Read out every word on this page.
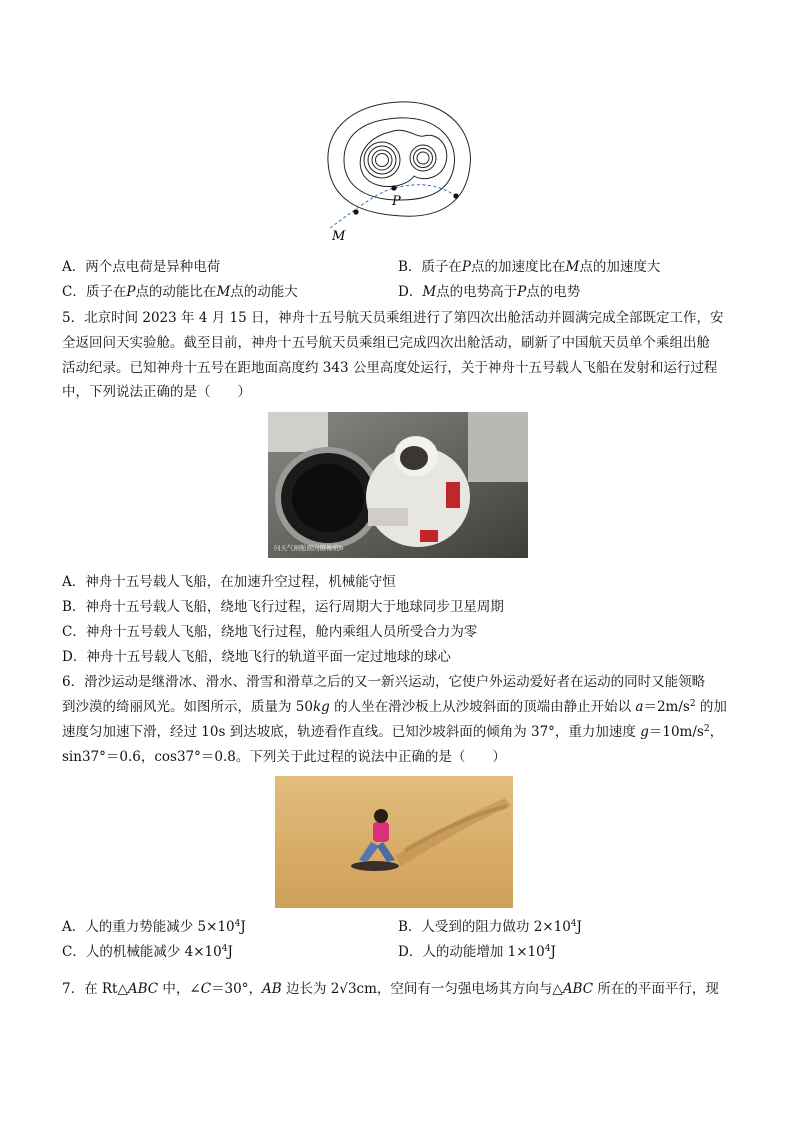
P
M
A．两个点电荷是异种电荷	B．质子在P点的加速度比在M点的加速度大
C．质子在P点的动能比在M点的动能大	D．M点的电势高于P点的电势
5．北京时间 2023 年 4 月 15 日，神舟十五号航天员乘组进行了第四次出舱活动并圆满完成全部既定工作，安
全返回问天实验舱。截至目前，神舟十五号航天员乘组已完成四次出舱活动，刷新了中国航天员单个乘组出舱
活动纪录。已知神舟十五号在距地面高度约 343 公里高度处运行，关于神舟十五号载人飞船在发射和运行过程
中，下列说法正确的是（　　）
问天气闸舱面向摄像机b
A．神舟十五号载人飞船，在加速升空过程，机械能守恒
B．神舟十五号载人飞船，绕地飞行过程，运行周期大于地球同步卫星周期
C．神舟十五号载人飞船，绕地飞行过程，舱内乘组人员所受合力为零
D．神舟十五号载人飞船，绕地飞行的轨道平面一定过地球的球心
6．滑沙运动是继滑冰、滑水、滑雪和滑草之后的又一新兴运动，它使户外运动爱好者在运动的同时又能领略
到沙漠的绮丽风光。如图所示，质量为 50kg 的人坐在滑沙板上从沙坡斜面的顶端由静止开始以 $a=2m/s^2$ 的加
速度匀加速下滑，经过 10s 到达坡底，轨迹看作直线。已知沙坡斜面的倾角为 37°，重力加速度 $g=10m/s^2$，
sin37°＝0.6，cos37°＝0.8。下列关于此过程的说法中正确的是（　　）
A．人的重力势能减少 $5\times 10^4J$	B．人受到的阻力做功 $2\times 10^4J$
C．人的机械能减少 $4\times 10^4J$	D．人的动能增加 $1\times 10^4J$
7．在 Rt△ABC 中，∠C＝30°，AB 边长为 2√3cm，空间有一匀强电场其方向与△ABC 所在的平面平行，现
